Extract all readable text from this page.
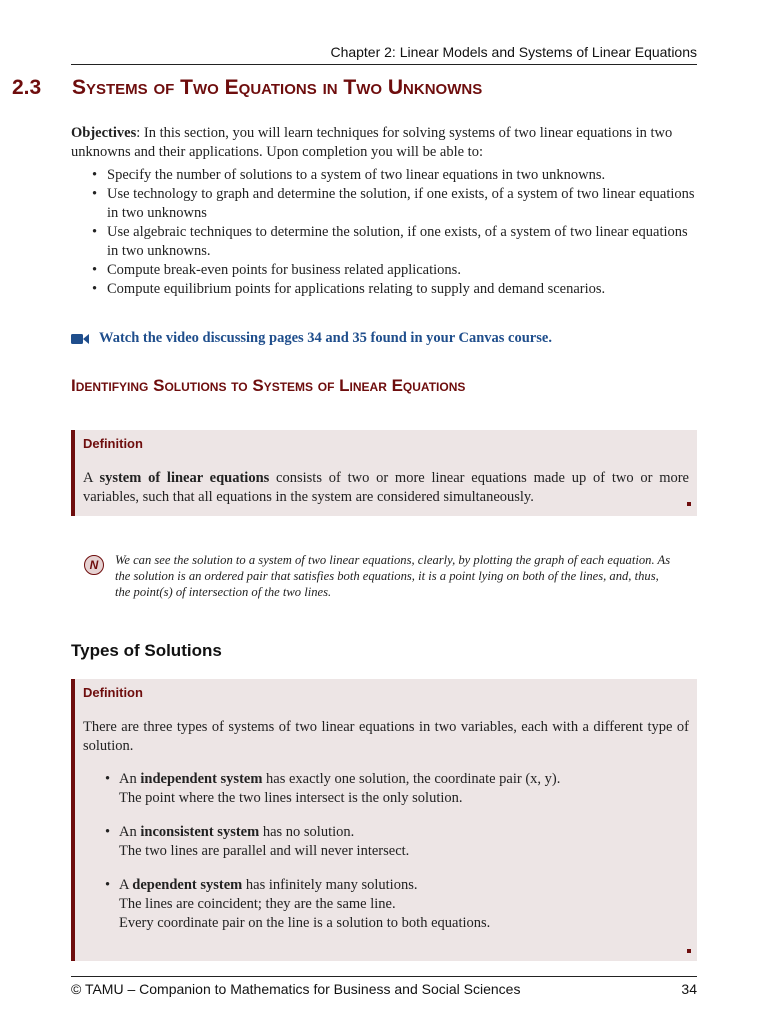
Chapter 2: Linear Models and Systems of Linear Equations
2.3 Systems of Two Equations in Two Unknowns

Objectives: In this section, you will learn techniques for solving systems of two linear equations in two unknowns and their applications. Upon completion you will be able to:

• Specify the number of solutions to a system of two linear equations in two unknowns.
• Use technology to graph and determine the solution, if one exists, of a system of two linear equations in two unknowns
• Use algebraic techniques to determine the solution, if one exists, of a system of two linear equations in two unknowns.
• Compute break-even points for business related applications.
• Compute equilibrium points for applications relating to supply and demand scenarios.
Watch the video discussing pages 34 and 35 found in your Canvas course.
Identifying Solutions to Systems of Linear Equations
Definition
A system of linear equations consists of two or more linear equations made up of two or more variables, such that all equations in the system are considered simultaneously.
N	We can see the solution to a system of two linear equations, clearly, by plotting the graph of each equation. As the solution is an ordered pair that satisfies both equations, it is a point lying on both of the lines, and, thus, the point(s) of intersection of the two lines.
Types of Solutions
Definition
There are three types of systems of two linear equations in two variables, each with a different type of solution.
• An independent system has exactly one solution, the coordinate pair (x, y).
The point where the two lines intersect is the only solution.
• An inconsistent system has no solution.
The two lines are parallel and will never intersect.
• A dependent system has infinitely many solutions.
The lines are coincident; they are the same line.
Every coordinate pair on the line is a solution to both equations.
© TAMU – Companion to Mathematics for Business and Social Sciences	34
